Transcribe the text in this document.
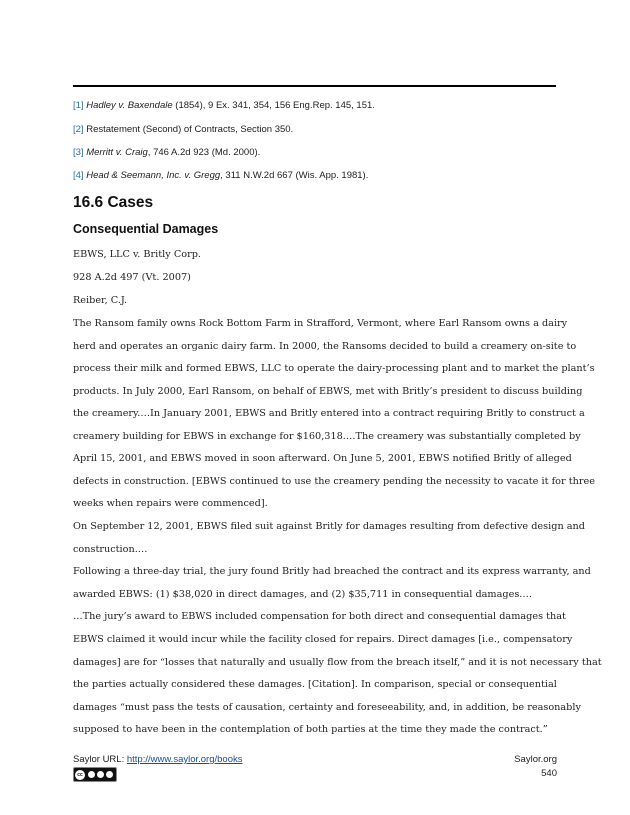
[1] Hadley v. Baxendale (1854), 9 Ex. 341, 354, 156 Eng.Rep. 145, 151.
[2] Restatement (Second) of Contracts, Section 350.
[3] Merritt v. Craig, 746 A.2d 923 (Md. 2000).
[4] Head & Seemann, Inc. v. Gregg, 311 N.W.2d 667 (Wis. App. 1981).
16.6 Cases
Consequential Damages
EBWS, LLC v. Britly Corp.
928 A.2d 497 (Vt. 2007)
Reiber, C.J.
The Ransom family owns Rock Bottom Farm in Strafford, Vermont, where Earl Ransom owns a dairy
herd and operates an organic dairy farm. In 2000, the Ransoms decided to build a creamery on-site to
process their milk and formed EBWS, LLC to operate the dairy-processing plant and to market the plant’s
products. In July 2000, Earl Ransom, on behalf of EBWS, met with Britly’s president to discuss building
the creamery.…In January 2001, EBWS and Britly entered into a contract requiring Britly to construct a
creamery building for EBWS in exchange for $160,318.…The creamery was substantially completed by
April 15, 2001, and EBWS moved in soon afterward. On June 5, 2001, EBWS notified Britly of alleged
defects in construction. [EBWS continued to use the creamery pending the necessity to vacate it for three
weeks when repairs were commenced].
On September 12, 2001, EBWS filed suit against Britly for damages resulting from defective design and
construction.…
Following a three-day trial, the jury found Britly had breached the contract and its express warranty, and
awarded EBWS: (1) $38,020 in direct damages, and (2) $35,711 in consequential damages.…
…The jury’s award to EBWS included compensation for both direct and consequential damages that
EBWS claimed it would incur while the facility closed for repairs. Direct damages [i.e., compensatory
damages] are for “losses that naturally and usually flow from the breach itself,” and it is not necessary that
the parties actually considered these damages. [Citation]. In comparison, special or consequential
damages “must pass the tests of causation, certainty and foreseeability, and, in addition, be reasonably
supposed to have been in the contemplation of both parties at the time they made the contract.”
Saylor URL: http://www.saylor.org/books	Saylor.org
540
cc
